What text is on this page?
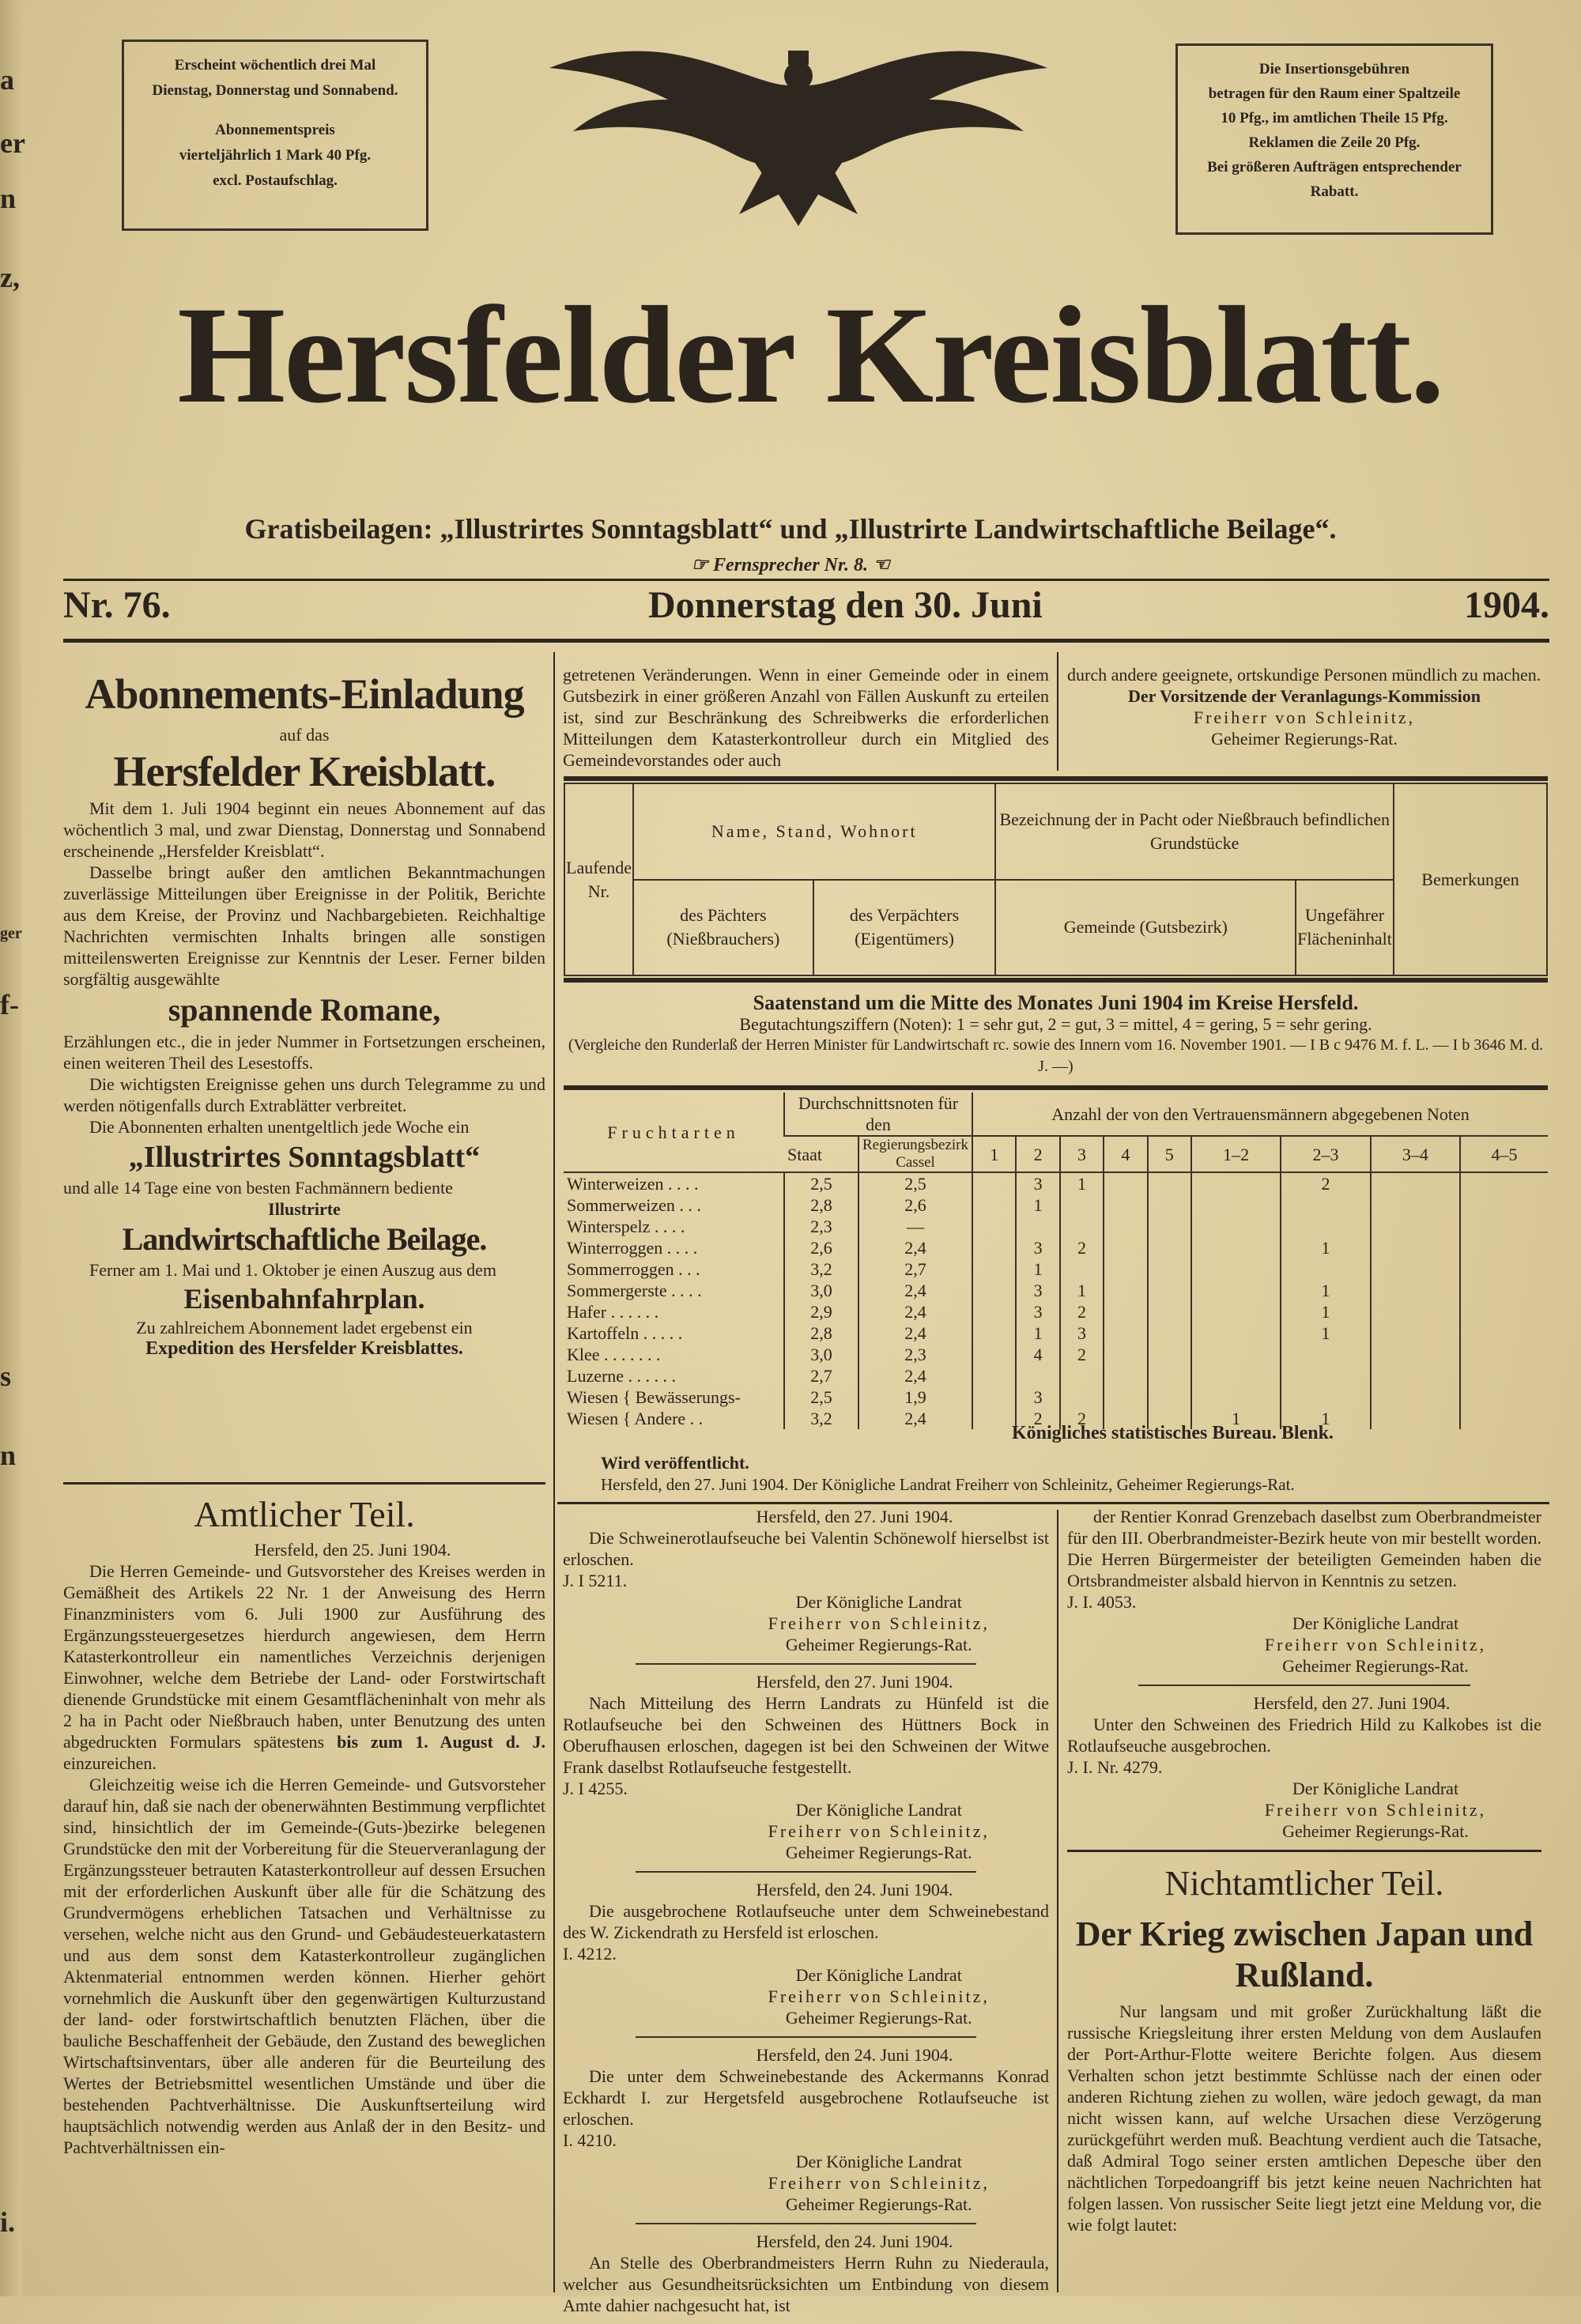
a
er
n
z,
ger
f-
s
n
i.
Erscheint wöchentlich drei Mal
Dienstag, Donnerstag und Sonnabend.
Abonnementspreis
vierteljährlich 1 Mark 40 Pfg.
excl. Postaufschlag.
Die Insertionsgebühren
betragen für den Raum einer Spaltzeile
10 Pfg., im amtlichen Theile 15 Pfg.
Reklamen die Zeile 20 Pfg.
Bei größeren Aufträgen entsprechender
Rabatt.
Hersfelder Kreisblatt.
Gratisbeilagen: „Illustrirtes Sonntagsblatt“ und „Illustrirte Landwirtschaftliche Beilage“.
☞ Fernsprecher Nr. 8. ☜
Nr. 76.	Donnerstag den 30. Juni	1904.
Abonnements-Einladung
auf das
Hersfelder Kreisblatt.

Mit dem 1. Juli 1904 beginnt ein neues Abonnement auf das wöchentlich 3 mal, und zwar Dienstag, Donnerstag und Sonnabend erscheinende „Hersfelder Kreisblatt“.

Dasselbe bringt außer den amtlichen Bekanntmachungen zuverlässige Mitteilungen über Ereignisse in der Politik, Berichte aus dem Kreise, der Provinz und Nachbargebieten. Reichhaltige Nachrichten vermischten Inhalts bringen alle sonstigen mitteilenswerten Ereignisse zur Kenntnis der Leser. Ferner bilden sorgfältig ausgewählte

spannende Romane,

Erzählungen etc., die in jeder Nummer in Fortsetzungen erscheinen, einen weiteren Theil des Lesestoffs.

Die wichtigsten Ereignisse gehen uns durch Telegramme zu und werden nötigenfalls durch Extrablätter verbreitet.

Die Abonnenten erhalten unentgeltlich jede Woche ein

„Illustrirtes Sonntagsblatt“

und alle 14 Tage eine von besten Fachmännern bediente

Illustrirte
Landwirtschaftliche Beilage.

Ferner am 1. Mai und 1. Oktober je einen Auszug aus dem

Eisenbahnfahrplan.
Zu zahlreichem Abonnement ladet ergebenst ein
Expedition des Hersfelder Kreisblattes.
Amtlicher Teil.
Hersfeld, den 25. Juni 1904.

Die Herren Gemeinde- und Gutsvorsteher des Kreises werden in Gemäßheit des Artikels 22 Nr. 1 der Anweisung des Herrn Finanzministers vom 6. Juli 1900 zur Ausführung des Ergänzungssteuergesetzes hierdurch angewiesen, dem Herrn Katasterkontrolleur ein namentliches Verzeichnis derjenigen Einwohner, welche dem Betriebe der Land- oder Forstwirtschaft dienende Grundstücke mit einem Gesamtflächeninhalt von mehr als 2 ha in Pacht oder Nießbrauch haben, unter Benutzung des unten abgedruckten Formulars spätestens bis zum 1. August d. J. einzureichen.

Gleichzeitig weise ich die Herren Gemeinde- und Gutsvorsteher darauf hin, daß sie nach der obenerwähnten Bestimmung verpflichtet sind, hinsichtlich der im Gemeinde-(Guts-)bezirke belegenen Grundstücke den mit der Vorbereitung für die Steuerveranlagung der Ergänzungssteuer betrauten Katasterkontrolleur auf dessen Ersuchen mit der erforderlichen Auskunft über alle für die Schätzung des Grundvermögens erheblichen Tatsachen und Verhältnisse zu versehen, welche nicht aus den Grund- und Gebäudesteuerkatastern und aus dem sonst dem Katasterkontrolleur zugänglichen Aktenmaterial entnommen werden können. Hierher gehört vornehmlich die Auskunft über den gegenwärtigen Kulturzustand der land- oder forstwirtschaftlich benutzten Flächen, über die bauliche Beschaffenheit der Gebäude, den Zustand des beweglichen Wirtschaftsinventars, über alle anderen für die Beurteilung des Wertes der Betriebsmittel wesentlichen Umstände und über die bestehenden Pachtverhältnisse. Die Auskunftserteilung wird hauptsächlich notwendig werden aus Anlaß der in den Besitz- und Pachtverhältnissen ein-

getretenen Veränderungen. Wenn in einer Gemeinde oder in einem Gutsbezirk in einer größeren Anzahl von Fällen Auskunft zu erteilen ist, sind zur Beschränkung des Schreibwerks die erforderlichen Mitteilungen dem Katasterkontrolleur durch ein Mitglied des Gemeindevorstandes oder auch
durch andere geeignete, ortskundige Personen mündlich zu machen.
Der Vorsitzende der Veranlagungs-Kommission
Freiherr von Schleinitz,
Geheimer Regierungs-Rat.
Laufende Nr.	Name, Stand, Wohnort		Bezeichnung der in Pacht oder Nießbrauch befindlichen Grundstücke		Bemerkungen
	des Pächters (Nießbrauchers)	des Verpächters (Eigentümers)	Gemeinde (Gutsbezirk)	Ungefährer Flächeninhalt	
Saatenstand um die Mitte des Monates Juni 1904 im Kreise Hersfeld.
Begutachtungsziffern (Noten): 1 = sehr gut, 2 = gut, 3 = mittel, 4 = gering, 5 = sehr gering.
(Vergleiche den Runderlaß der Herren Minister für Landwirtschaft rc. sowie des Innern vom 16. November 1901. — I B c 9476 M. f. L. — I b 3646 M. d. J. —)
Fruchtarten	Durchschnittsnoten für den		Anzahl der von den Vertrauensmännern abgegebenen Noten								
	Staat	Regierungsbezirk Cassel	1	2	3	4	5	1–2	2–3	3–4	4–5
Winterweizen . . . .	2,5	2,5		3	1				2		
Sommerweizen . . .	2,8	2,6		1							
Winterspelz . . . .	2,3	—									
Winterroggen . . . .	2,6	2,4		3	2				1		
Sommerroggen . . .	3,2	2,7		1							
Sommergerste . . . .	3,0	2,4		3	1				1		
Hafer . . . . . .	2,9	2,4		3	2				1		
Kartoffeln . . . . .	2,8	2,4		1	3				1		
Klee . . . . . . .	3,0	2,3		4	2						
Luzerne . . . . . .	2,7	2,4									
Wiesen { Bewässerungs-	2,5	1,9		3							
Wiesen { Andere . .	3,2	2,4		2	2			1	1		
Königliches statistisches Bureau. Blenk.
Wird veröffentlicht.
Hersfeld, den 27. Juni 1904. Der Königliche Landrat Freiherr von Schleinitz, Geheimer Regierungs-Rat.
Hersfeld, den 27. Juni 1904.

Die Schweinerotlaufseuche bei Valentin Schönewolf hierselbst ist erloschen.

J. I 5211.
Der Königliche Landrat
Freiherr von Schleinitz,
Geheimer Regierungs-Rat.
Hersfeld, den 27. Juni 1904.

Nach Mitteilung des Herrn Landrats zu Hünfeld ist die Rotlaufseuche bei den Schweinen des Hüttners Bock in Oberufhausen erloschen, dagegen ist bei den Schweinen der Witwe Frank daselbst Rotlaufseuche festgestellt.

J. I 4255.
Der Königliche Landrat
Freiherr von Schleinitz,
Geheimer Regierungs-Rat.
Hersfeld, den 24. Juni 1904.

Die ausgebrochene Rotlaufseuche unter dem Schweinebestand des W. Zickendrath zu Hersfeld ist erloschen.

I. 4212.
Der Königliche Landrat
Freiherr von Schleinitz,
Geheimer Regierungs-Rat.
Hersfeld, den 24. Juni 1904.

Die unter dem Schweinebestande des Ackermanns Konrad Eckhardt I. zur Hergetsfeld ausgebrochene Rotlaufseuche ist erloschen.

I. 4210.
Der Königliche Landrat
Freiherr von Schleinitz,
Geheimer Regierungs-Rat.
Hersfeld, den 24. Juni 1904.

An Stelle des Oberbrandmeisters Herrn Ruhn zu Niederaula, welcher aus Gesundheitsrücksichten um Entbindung von diesem Amte dahier nachgesucht hat, ist

der Rentier Konrad Grenzebach daselbst zum Oberbrandmeister für den III. Oberbrandmeister-Bezirk heute von mir bestellt worden. Die Herren Bürgermeister der beteiligten Gemeinden haben die Ortsbrandmeister alsbald hiervon in Kenntnis zu setzen.

J. I. 4053.
Der Königliche Landrat
Freiherr von Schleinitz,
Geheimer Regierungs-Rat.
Hersfeld, den 27. Juni 1904.

Unter den Schweinen des Friedrich Hild zu Kalkobes ist die Rotlaufseuche ausgebrochen.

J. I. Nr. 4279.
Der Königliche Landrat
Freiherr von Schleinitz,
Geheimer Regierungs-Rat.
Nichtamtlicher Teil.
Der Krieg zwischen Japan und Rußland.

Nur langsam und mit großer Zurückhaltung läßt die russische Kriegsleitung ihrer ersten Meldung von dem Auslaufen der Port-Arthur-Flotte weitere Berichte folgen. Aus diesem Verhalten schon jetzt bestimmte Schlüsse nach der einen oder anderen Richtung ziehen zu wollen, wäre jedoch gewagt, da man nicht wissen kann, auf welche Ursachen diese Verzögerung zurückgeführt werden muß. Beachtung verdient auch die Tatsache, daß Admiral Togo seiner ersten amtlichen Depesche über den nächtlichen Torpedoangriff bis jetzt keine neuen Nachrichten hat folgen lassen. Von russischer Seite liegt jetzt eine Meldung vor, die wie folgt lautet:
